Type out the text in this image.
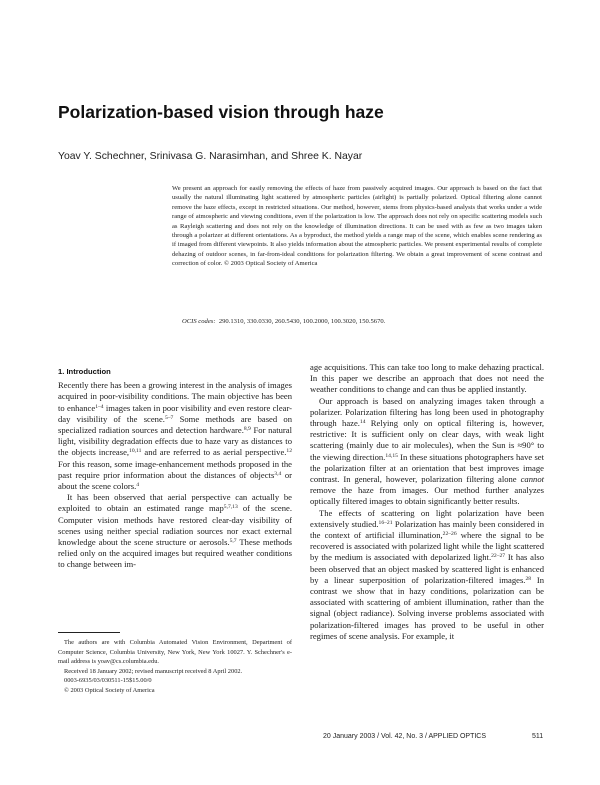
Polarization-based vision through haze
Yoav Y. Schechner, Srinivasa G. Narasimhan, and Shree K. Nayar
We present an approach for easily removing the effects of haze from passively acquired images. Our approach is based on the fact that usually the natural illuminating light scattered by atmospheric particles (airlight) is partially polarized. Optical filtering alone cannot remove the haze effects, except in restricted situations. Our method, however, stems from physics-based analysis that works under a wide range of atmospheric and viewing conditions, even if the polarization is low. The approach does not rely on specific scattering models such as Rayleigh scattering and does not rely on the knowledge of illumination directions. It can be used with as few as two images taken through a polarizer at different orientations. As a byproduct, the method yields a range map of the scene, which enables scene rendering as if imaged from different viewpoints. It also yields information about the atmospheric particles. We present experimental results of complete dehazing of outdoor scenes, in far-from-ideal conditions for polarization filtering. We obtain a great improvement of scene contrast and correction of color. © 2003 Optical Society of America
OCIS codes: 290.1310, 330.0330, 260.5430, 100.2000, 100.3020, 150.5670.
1. Introduction

Recently there has been a growing interest in the analysis of images acquired in poor-visibility conditions. The main objective has been to enhance$^{1-4}$ images taken in poor visibility and even restore clear-day visibility of the scene.$^{5-7}$ Some methods are based on specialized radiation sources and detection hardware.$^{8,9}$ For natural light, visibility degradation effects due to haze vary as distances to the objects increase,$^{10,11}$ and are referred to as aerial perspective.$^{12}$ For this reason, some image-enhancement methods proposed in the past require prior information about the distances of objects$^{3,4}$ or about the scene colors.$^4$

It has been observed that aerial perspective can actually be exploited to obtain an estimated range map$^{5,7,13}$ of the scene. Computer vision methods have restored clear-day visibility of scenes using neither special radiation sources nor exact external knowledge about the scene structure or aerosols.$^{5,7}$ These methods relied only on the acquired images but required weather conditions to change between im-

age acquisitions. This can take too long to make dehazing practical. In this paper we describe an approach that does not need the weather conditions to change and can thus be applied instantly.

Our approach is based on analyzing images taken through a polarizer. Polarization filtering has long been used in photography through haze.$^{14}$ Relying only on optical filtering is, however, restrictive: It is sufficient only on clear days, with weak light scattering (mainly due to air molecules), when the Sun is ≈90° to the viewing direction.$^{14,15}$ In these situations photographers have set the polarization filter at an orientation that best improves image contrast. In general, however, polarization filtering alone cannot remove the haze from images. Our method further analyzes optically filtered images to obtain significantly better results.

The effects of scattering on light polarization have been extensively studied.$^{16-21}$ Polarization has mainly been considered in the context of artificial illumination,$^{22-26}$ where the signal to be recovered is associated with polarized light while the light scattered by the medium is associated with depolarized light.$^{22-27}$ It has also been observed that an object masked by scattered light is enhanced by a linear superposition of polarization-filtered images.$^{28}$ In contrast we show that in hazy conditions, polarization can be associated with scattering of ambient illumination, rather than the signal (object radiance). Solving inverse problems associated with polarization-filtered images has proved to be useful in other regimes of scene analysis. For example, it

The authors are with Columbia Automated Vision Environment, Department of Computer Science, Columbia University, New York, New York 10027. Y. Schechner's e-mail address is yoav@cs.columbia.edu.

Received 18 January 2002; revised manuscript received 8 April 2002.

0003-6935/03/030511-15$15.00/0

© 2003 Optical Society of America

20 January 2003 / Vol. 42, No. 3 / APPLIED OPTICS	511
